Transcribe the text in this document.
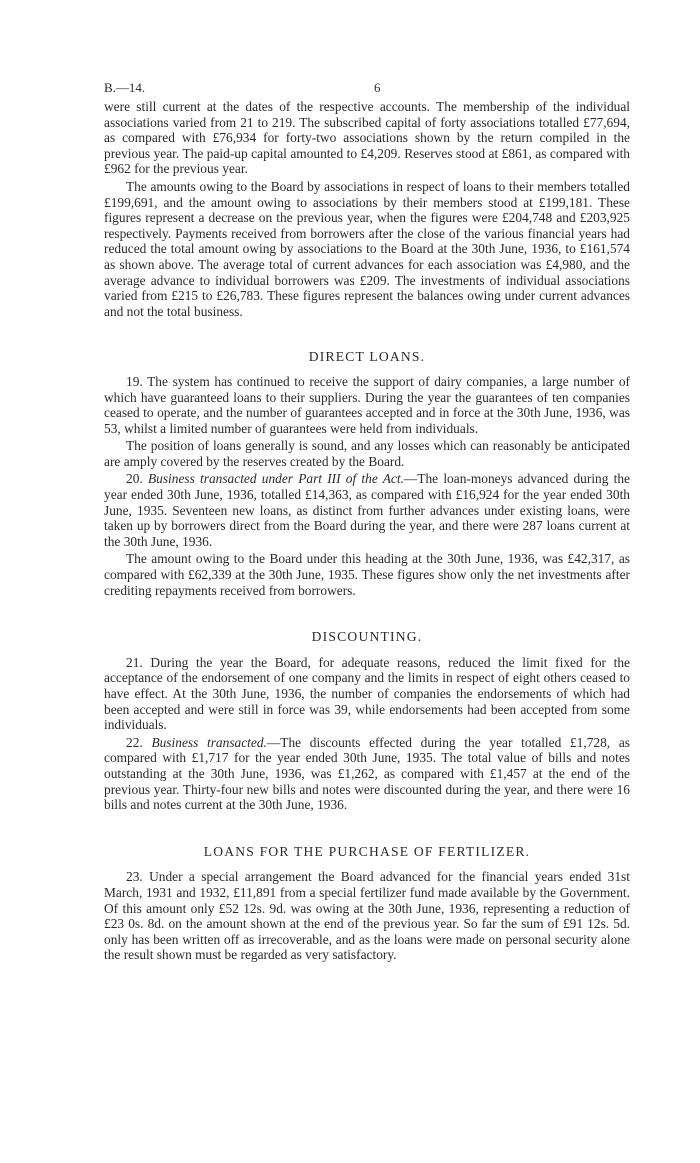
B.—14.	6

were still current at the dates of the respective accounts. The membership of the individual associations varied from 21 to 219. The subscribed capital of forty associations totalled £77,694, as compared with £76,934 for forty-two associations shown by the return compiled in the previous year. The paid-up capital amounted to £4,209. Reserves stood at £861, as compared with £962 for the previous year.

The amounts owing to the Board by associations in respect of loans to their members totalled £199,691, and the amount owing to associations by their members stood at £199,181. These figures represent a decrease on the previous year, when the figures were £204,748 and £203,925 respectively. Payments received from borrowers after the close of the various financial years had reduced the total amount owing by associations to the Board at the 30th June, 1936, to £161,574 as shown above. The average total of current advances for each association was £4,980, and the average advance to individual borrowers was £209. The investments of individual associations varied from £215 to £26,783. These figures represent the balances owing under current advances and not the total business.

DIRECT LOANS.

19. The system has continued to receive the support of dairy companies, a large number of which have guaranteed loans to their suppliers. During the year the guarantees of ten companies ceased to operate, and the number of guarantees accepted and in force at the 30th June, 1936, was 53, whilst a limited number of guarantees were held from individuals.

The position of loans generally is sound, and any losses which can reasonably be anticipated are amply covered by the reserves created by the Board.

20. Business transacted under Part III of the Act.—The loan-moneys advanced during the year ended 30th June, 1936, totalled £14,363, as compared with £16,924 for the year ended 30th June, 1935. Seventeen new loans, as distinct from further advances under existing loans, were taken up by borrowers direct from the Board during the year, and there were 287 loans current at the 30th June, 1936.

The amount owing to the Board under this heading at the 30th June, 1936, was £42,317, as compared with £62,339 at the 30th June, 1935. These figures show only the net investments after crediting repayments received from borrowers.

DISCOUNTING.

21. During the year the Board, for adequate reasons, reduced the limit fixed for the acceptance of the endorsement of one company and the limits in respect of eight others ceased to have effect. At the 30th June, 1936, the number of companies the endorsements of which had been accepted and were still in force was 39, while endorsements had been accepted from some individuals.

22. Business transacted.—The discounts effected during the year totalled £1,728, as compared with £1,717 for the year ended 30th June, 1935. The total value of bills and notes outstanding at the 30th June, 1936, was £1,262, as compared with £1,457 at the end of the previous year. Thirty-four new bills and notes were discounted during the year, and there were 16 bills and notes current at the 30th June, 1936.

LOANS FOR THE PURCHASE OF FERTILIZER.

23. Under a special arrangement the Board advanced for the financial years ended 31st March, 1931 and 1932, £11,891 from a special fertilizer fund made available by the Government. Of this amount only £52 12s. 9d. was owing at the 30th June, 1936, representing a reduction of £23 0s. 8d. on the amount shown at the end of the previous year. So far the sum of £91 12s. 5d. only has been written off as irrecoverable, and as the loans were made on personal security alone the result shown must be regarded as very satisfactory.
